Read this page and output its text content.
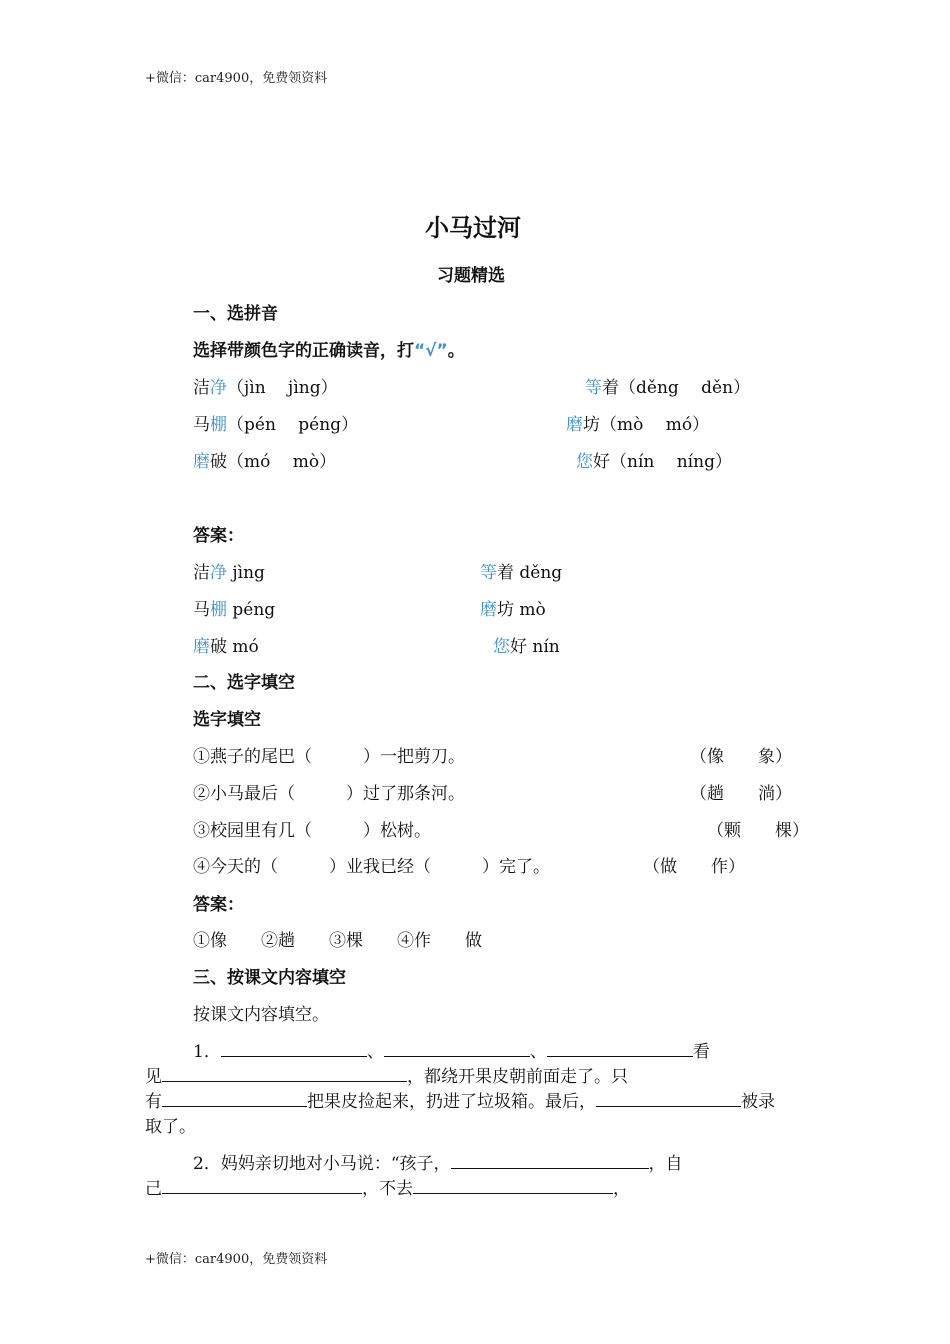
+微信：car4900，免费领资料
小马过河
习题精选
一、选拼音
选择带颜色字的正确读音，打“√”。
洁净（jìn　 jìng）	等着（děng　 děn）
马棚（pén　 péng）	磨坊（mò　 mó）
磨破（mó　 mò）	您好（nín　 níng）
答案：
洁净 jìng	等着 děng
马棚 péng	磨坊 mò
磨破 mó	您好 nín
二、选字填空
选字填空
①燕子的尾巴（　　　）一把剪刀。	（像　　象）
②小马最后（　　　）过了那条河。	（趟　　淌）
③校园里有几（　　　）松树。	（颗　　棵）
④今天的（　　　）业我已经（　　　）完了。	（做　　作）
答案：
①像　　②趟　　③棵　　④作　　做
三、按课文内容填空
按课文内容填空。
1．	、	、	看
见	，都绕开果皮朝前面走了。只
有	把果皮捡起来，扔进了垃圾箱。最后，	被录
取了。
2．妈妈亲切地对小马说：“孩子，	，自
己	，不去	，
+微信：car4900，免费领资料
